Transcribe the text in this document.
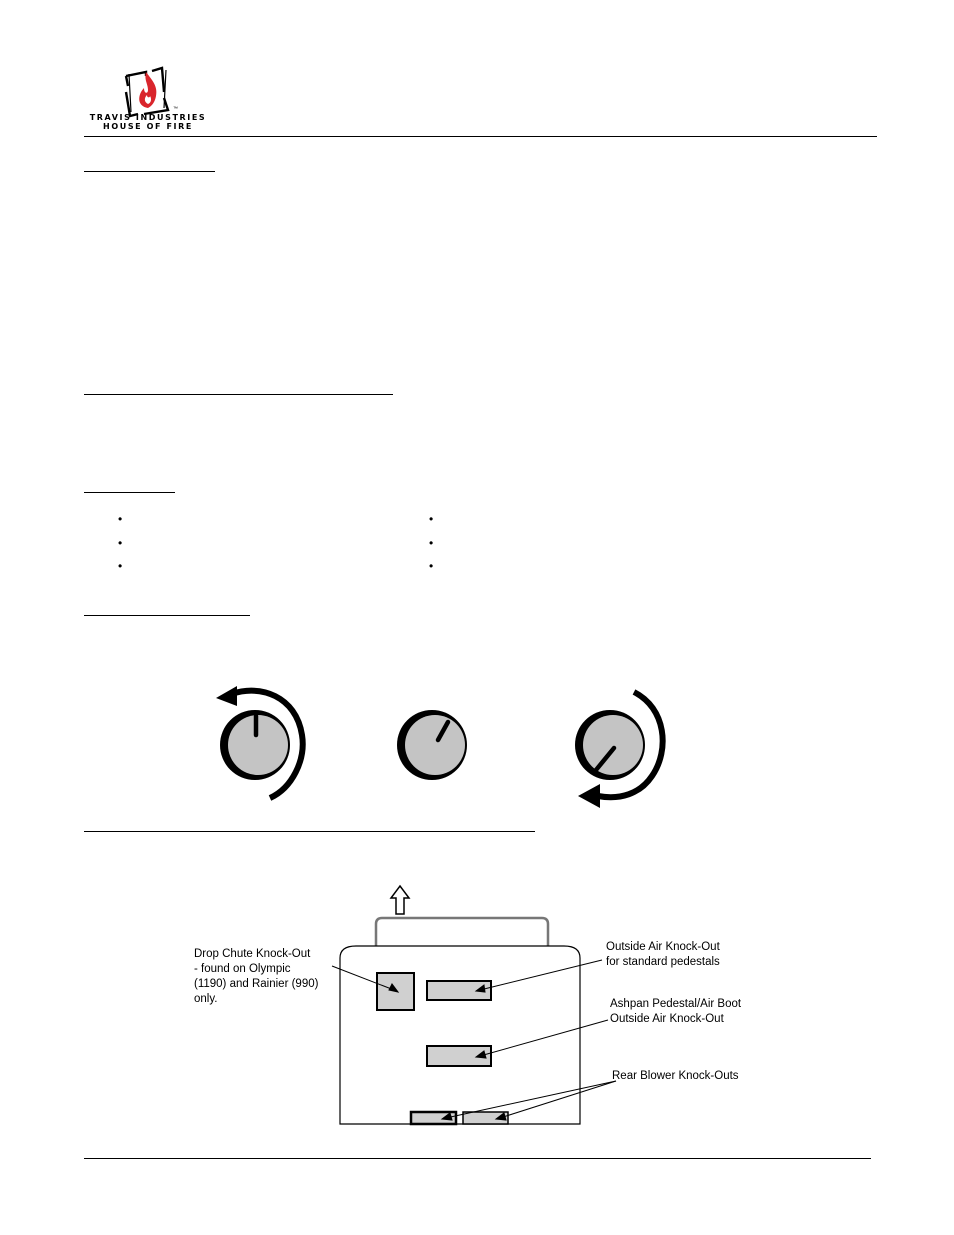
™
TRAVIS INDUSTRIES
HOUSE OF FIRE
•
•
•
•
•
•
Drop Chute Knock-Out
- found on Olympic
(1190) and Rainier (990)
only.
Outside Air Knock-Out
for standard pedestals
Ashpan Pedestal/Air Boot
Outside Air Knock-Out
Rear Blower Knock-Outs
